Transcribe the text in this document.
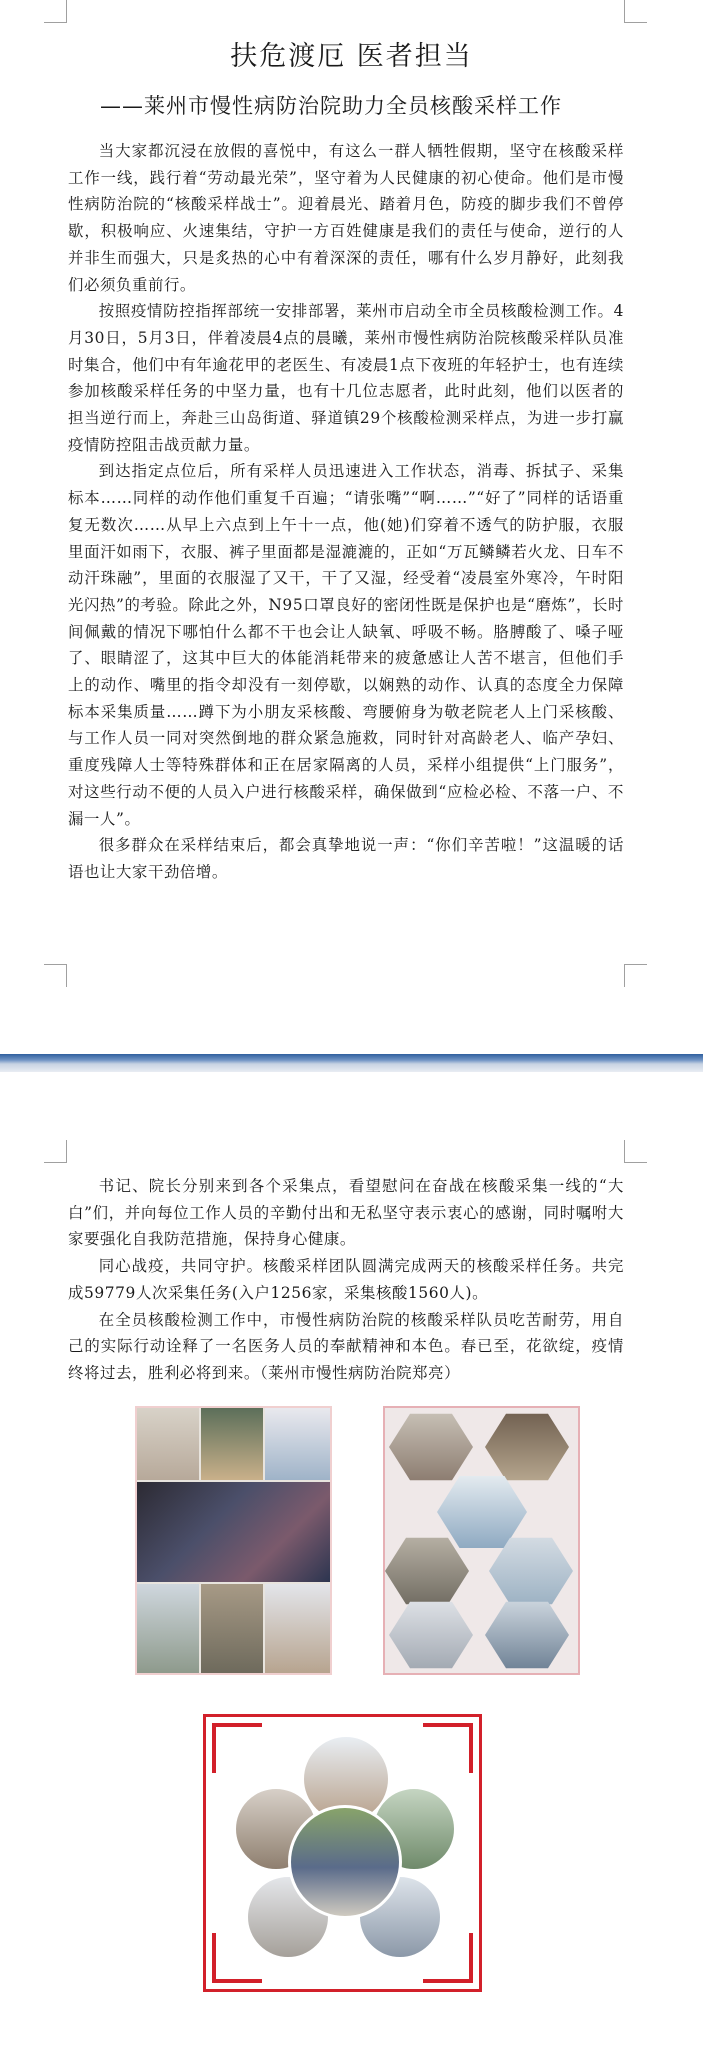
扶危渡厄 医者担当
——莱州市慢性病防治院助力全员核酸采样工作

当大家都沉浸在放假的喜悦中，有这么一群人牺牲假期，坚守在核酸采样工作一线，践行着“劳动最光荣”，坚守着为人民健康的初心使命。他们是市慢性病防治院的“核酸采样战士”。迎着晨光、踏着月色，防疫的脚步我们不曾停歇，积极响应、火速集结，守护一方百姓健康是我们的责任与使命，逆行的人并非生而强大，只是炙热的心中有着深深的责任，哪有什么岁月静好，此刻我们必须负重前行。

按照疫情防控指挥部统一安排部署，莱州市启动全市全员核酸检测工作。4月30日，5月3日，伴着凌晨4点的晨曦，莱州市慢性病防治院核酸采样队员准时集合，他们中有年逾花甲的老医生、有凌晨1点下夜班的年轻护士，也有连续参加核酸采样任务的中坚力量，也有十几位志愿者，此时此刻，他们以医者的担当逆行而上，奔赴三山岛街道、驿道镇29个核酸检测采样点，为进一步打赢疫情防控阻击战贡献力量。

到达指定点位后，所有采样人员迅速进入工作状态，消毒、拆拭子、采集标本……同样的动作他们重复千百遍；“请张嘴”“啊……”“好了”同样的话语重复无数次……从早上六点到上午十一点，他(她)们穿着不透气的防护服，衣服里面汗如雨下，衣服、裤子里面都是湿漉漉的，正如“万瓦鳞鳞若火龙、日车不动汗珠融”，里面的衣服湿了又干，干了又湿，经受着“凌晨室外寒冷，午时阳光闪热”的考验。除此之外，N95口罩良好的密闭性既是保护也是“磨炼”，长时间佩戴的情况下哪怕什么都不干也会让人缺氧、呼吸不畅。胳膊酸了、嗓子哑了、眼睛涩了，这其中巨大的体能消耗带来的疲惫感让人苦不堪言，但他们手上的动作、嘴里的指令却没有一刻停歇，以娴熟的动作、认真的态度全力保障标本采集质量……蹲下为小朋友采核酸、弯腰俯身为敬老院老人上门采核酸、与工作人员一同对突然倒地的群众紧急施救，同时针对高龄老人、临产孕妇、重度残障人士等特殊群体和正在居家隔离的人员，采样小组提供“上门服务”，对这些行动不便的人员入户进行核酸采样，确保做到“应检必检、不落一户、不漏一人”。

很多群众在采样结束后，都会真挚地说一声：“你们辛苦啦！”这温暖的话语也让大家干劲倍增。

书记、院长分别来到各个采集点，看望慰问在奋战在核酸采集一线的“大白”们，并向每位工作人员的辛勤付出和无私坚守表示衷心的感谢，同时嘱咐大家要强化自我防范措施，保持身心健康。

同心战疫，共同守护。核酸采样团队圆满完成两天的核酸采样任务。共完成59779人次采集任务(入户1256家，采集核酸1560人)。

在全员核酸检测工作中，市慢性病防治院的核酸采样队员吃苦耐劳，用自己的实际行动诠释了一名医务人员的奉献精神和本色。春已至，花欲绽，疫情终将过去，胜利必将到来。（莱州市慢性病防治院郑亮）
